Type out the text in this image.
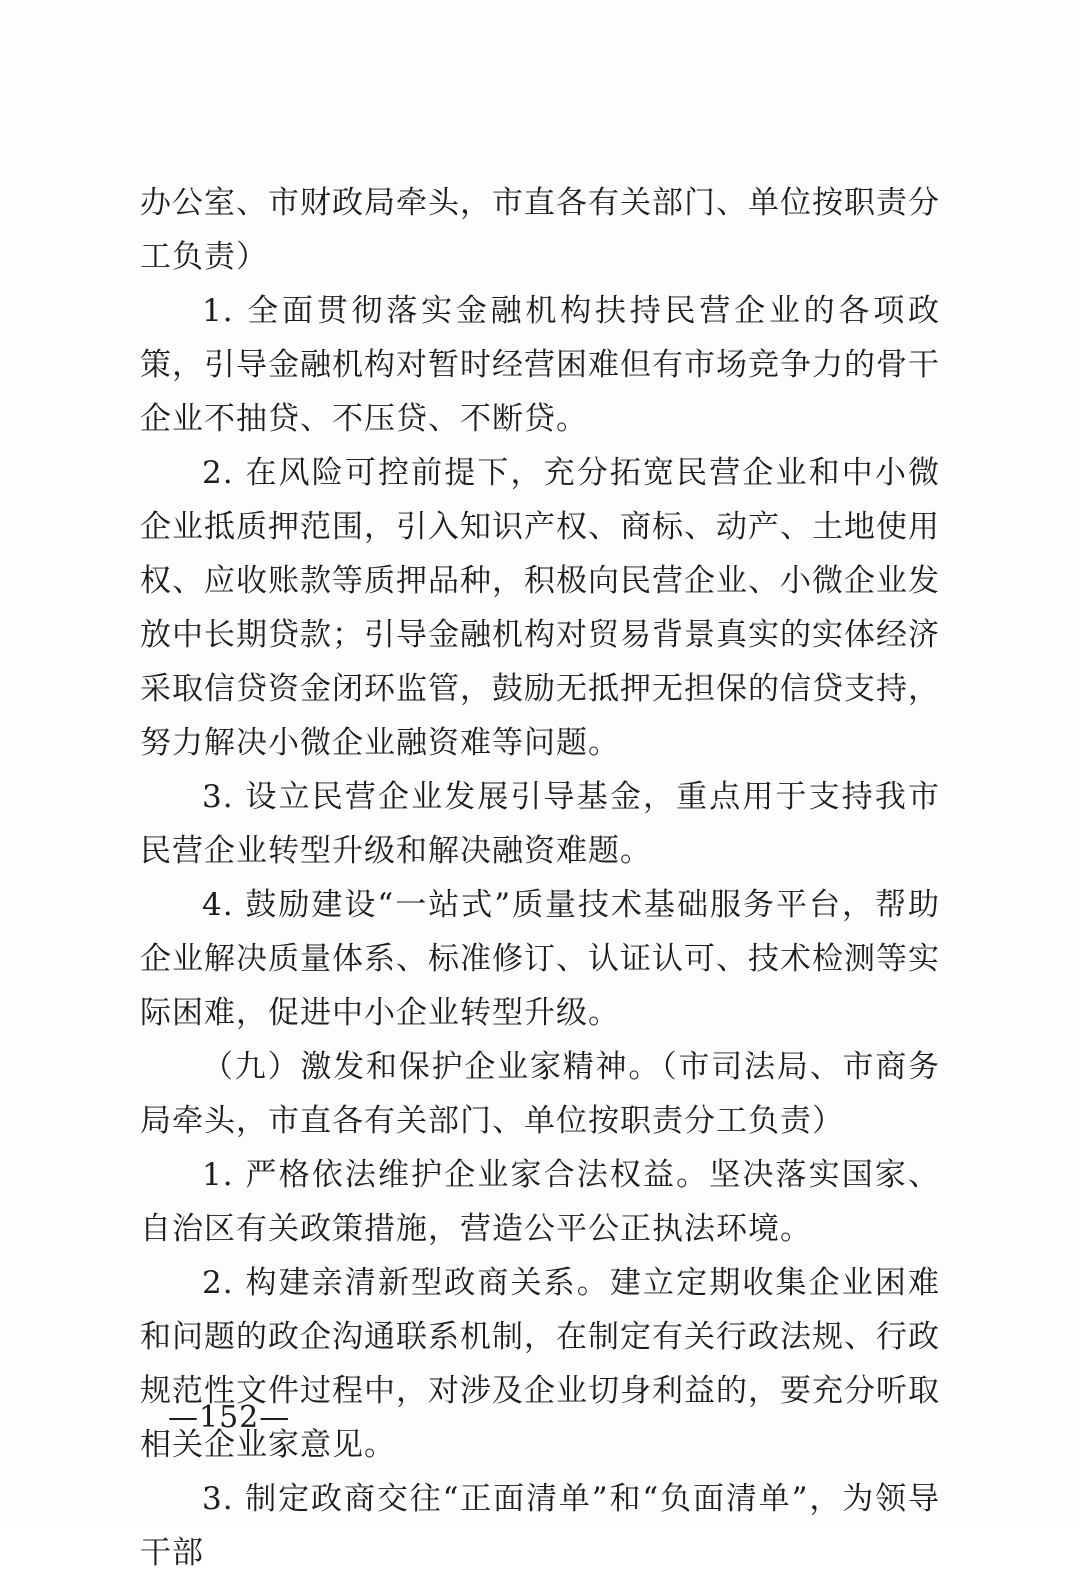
办公室、市财政局牵头，市直各有关部门、单位按职责分工负责）

1. 全面贯彻落实金融机构扶持民营企业的各项政策，引导金融机构对暂时经营困难但有市场竞争力的骨干企业不抽贷、不压贷、不断贷。

2. 在风险可控前提下，充分拓宽民营企业和中小微企业抵质押范围，引入知识产权、商标、动产、土地使用权、应收账款等质押品种，积极向民营企业、小微企业发放中长期贷款；引导金融机构对贸易背景真实的实体经济采取信贷资金闭环监管，鼓励无抵押无担保的信贷支持，努力解决小微企业融资难等问题。

3. 设立民营企业发展引导基金，重点用于支持我市民营企业转型升级和解决融资难题。

4. 鼓励建设“一站式”质量技术基础服务平台，帮助企业解决质量体系、标准修订、认证认可、技术检测等实际困难，促进中小企业转型升级。

（九）激发和保护企业家精神。（市司法局、市商务局牵头，市直各有关部门、单位按职责分工负责）

1. 严格依法维护企业家合法权益。坚决落实国家、自治区有关政策措施，营造公平公正执法环境。

2. 构建亲清新型政商关系。建立定期收集企业困难和问题的政企沟通联系机制，在制定有关行政法规、行政规范性文件过程中，对涉及企业切身利益的，要充分听取相关企业家意见。

3. 制定政商交往“正面清单”和“负面清单”，为领导干部

—152—
